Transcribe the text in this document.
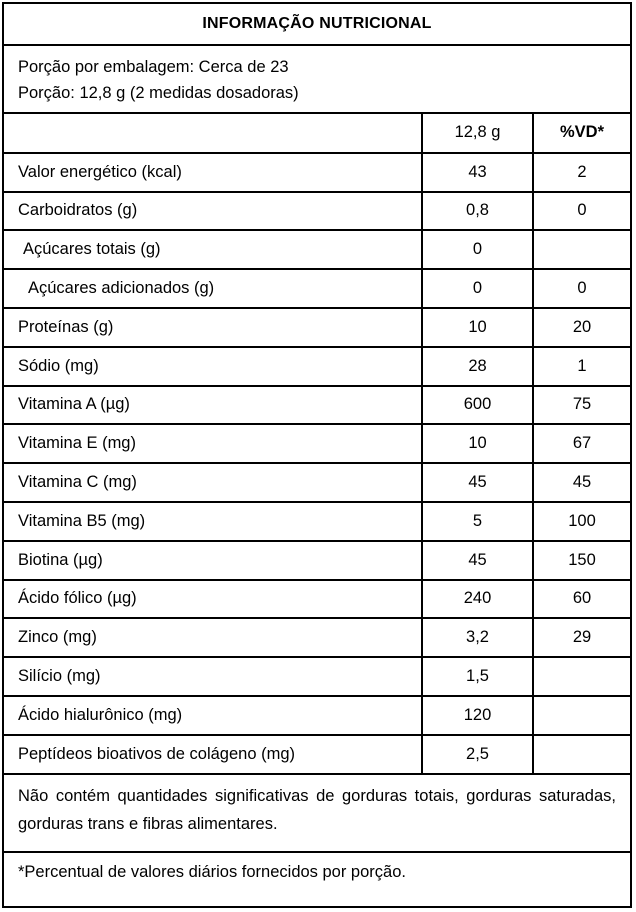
INFORMAÇÃO NUTRICIONAL
Porção por embalagem: Cerca de 23
Porção: 12,8 g (2 medidas dosadoras)
	12,8 g	%VD*
Valor energético (kcal)	43	2
Carboidratos (g)	0,8	0
Açúcares totais (g)	0	
Açúcares adicionados (g)	0	0
Proteínas (g)	10	20
Sódio (mg)	28	1
Vitamina A (µg)	600	75
Vitamina E (mg)	10	67
Vitamina C (mg)	45	45
Vitamina B5 (mg)	5	100
Biotina (µg)	45	150
Ácido fólico (µg)	240	60
Zinco (mg)	3,2	29
Silício (mg)	1,5	
Ácido hialurônico (mg)	120	
Peptídeos bioativos de colágeno (mg)	2,5	
Não contém quantidades significativas de gorduras totais, gorduras saturadas, gorduras trans e fibras alimentares.
*Percentual de valores diários fornecidos por porção.
